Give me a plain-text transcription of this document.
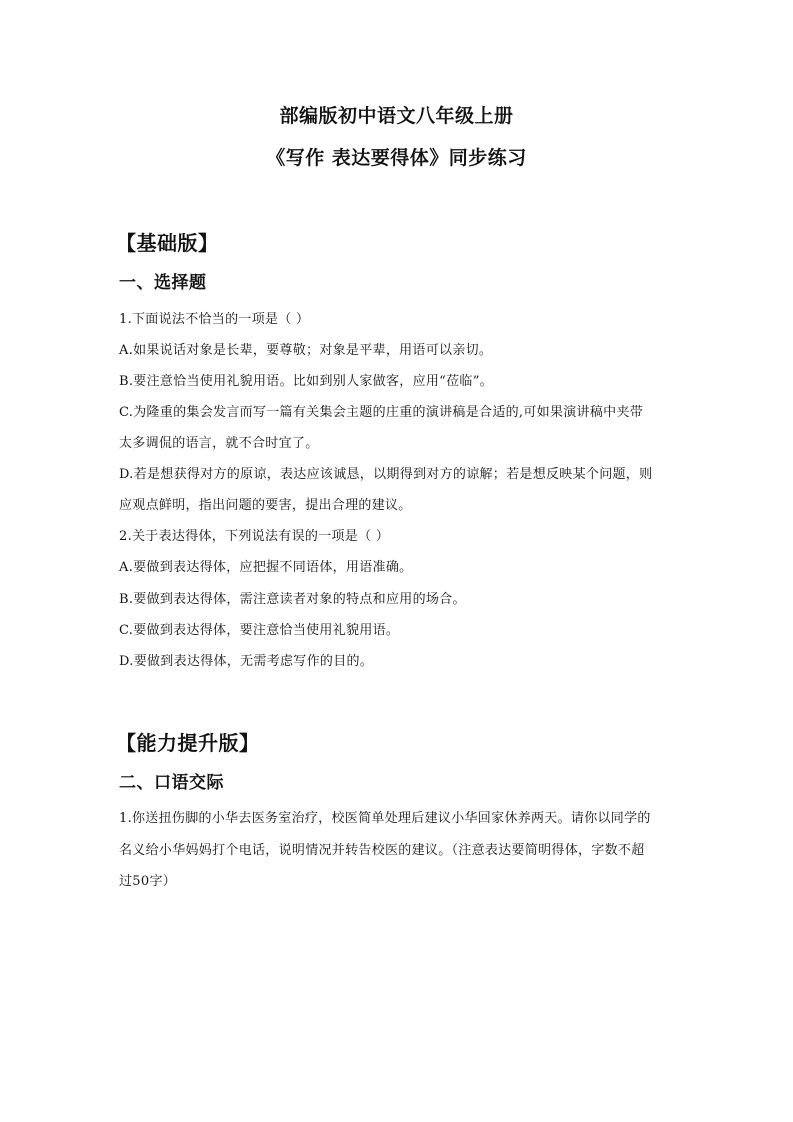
部编版初中语文八年级上册
《写作 表达要得体》同步练习
【基础版】
一、选择题
1.下面说法不恰当的一项是（ ）
A.如果说话对象是长辈，要尊敬；对象是平辈，用语可以亲切。
B.要注意恰当使用礼貌用语。比如到别人家做客，应用“莅临”。
C.为隆重的集会发言而写一篇有关集会主题的庄重的演讲稿是合适的,可如果演讲稿中夹带
太多调侃的语言，就不合时宜了。
D.若是想获得对方的原谅，表达应该诚恳，以期得到对方的谅解；若是想反映某个问题，则
应观点鲜明，指出问题的要害，提出合理的建议。
2.关于表达得体，下列说法有误的一项是（ ）
A.要做到表达得体，应把握不同语体，用语准确。
B.要做到表达得体，需注意读者对象的特点和应用的场合。
C.要做到表达得体，要注意恰当使用礼貌用语。
D.要做到表达得体，无需考虑写作的目的。
【能力提升版】
二、口语交际
1.你送扭伤脚的小华去医务室治疗，校医简单处理后建议小华回家休养两天。请你以同学的
名义给小华妈妈打个电话，说明情况并转告校医的建议。（注意表达要简明得体，字数不超
过50字）
